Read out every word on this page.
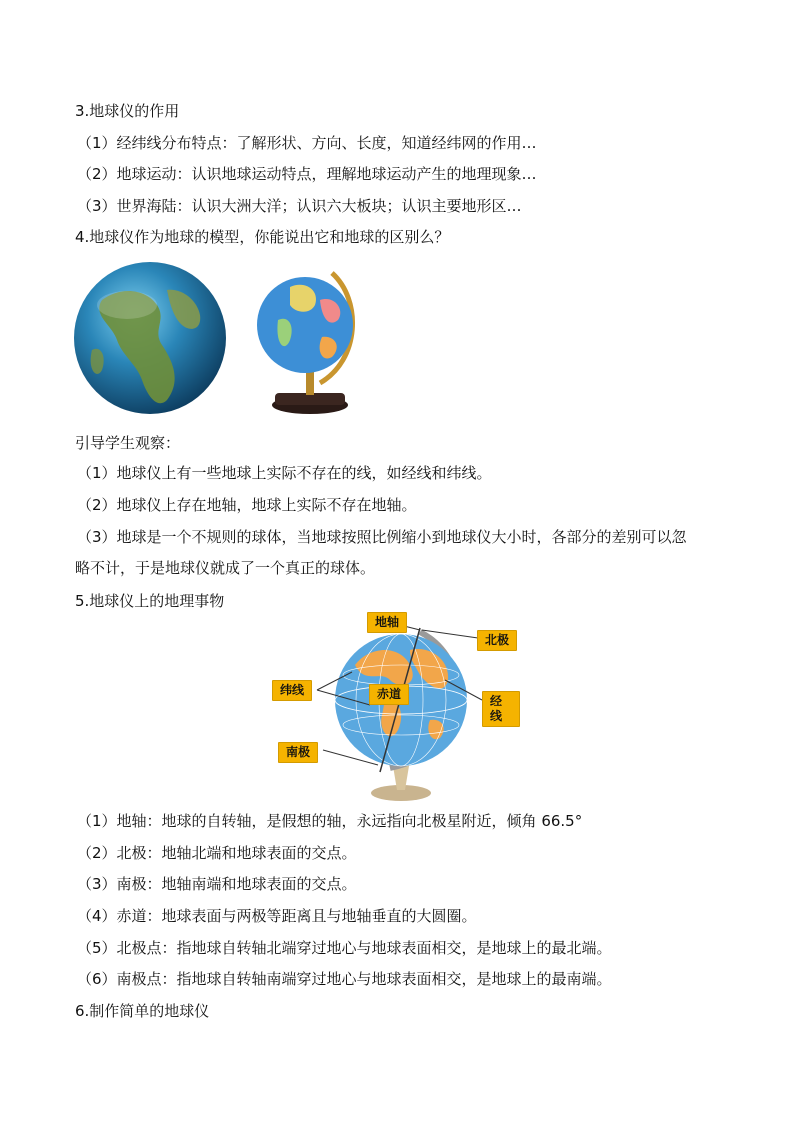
3.地球仪的作用
（1）经纬线分布特点：了解形状、方向、长度，知道经纬网的作用…
（2）地球运动：认识地球运动特点，理解地球运动产生的地理现象…
（3）世界海陆：认识大洲大洋；认识六大板块；认识主要地形区…
4.地球仪作为地球的模型，你能说出它和地球的区别么？
引导学生观察：
（1）地球仪上有一些地球上实际不存在的线，如经线和纬线。
（2）地球仪上存在地轴，地球上实际不存在地轴。
（3）地球是一个不规则的球体，当地球按照比例缩小到地球仪大小时，各部分的差别可以忽
略不计，于是地球仪就成了一个真正的球体。
5.地球仪上的地理事物
地轴
北极
纬线	赤道	经线
南极
（1）地轴：地球的自转轴，是假想的轴，永远指向北极星附近，倾角 66.5°
（2）北极：地轴北端和地球表面的交点。
（3）南极：地轴南端和地球表面的交点。
（4）赤道：地球表面与两极等距离且与地轴垂直的大圆圈。
（5）北极点：指地球自转轴北端穿过地心与地球表面相交，是地球上的最北端。
（6）南极点：指地球自转轴南端穿过地心与地球表面相交，是地球上的最南端。
6.制作简单的地球仪
